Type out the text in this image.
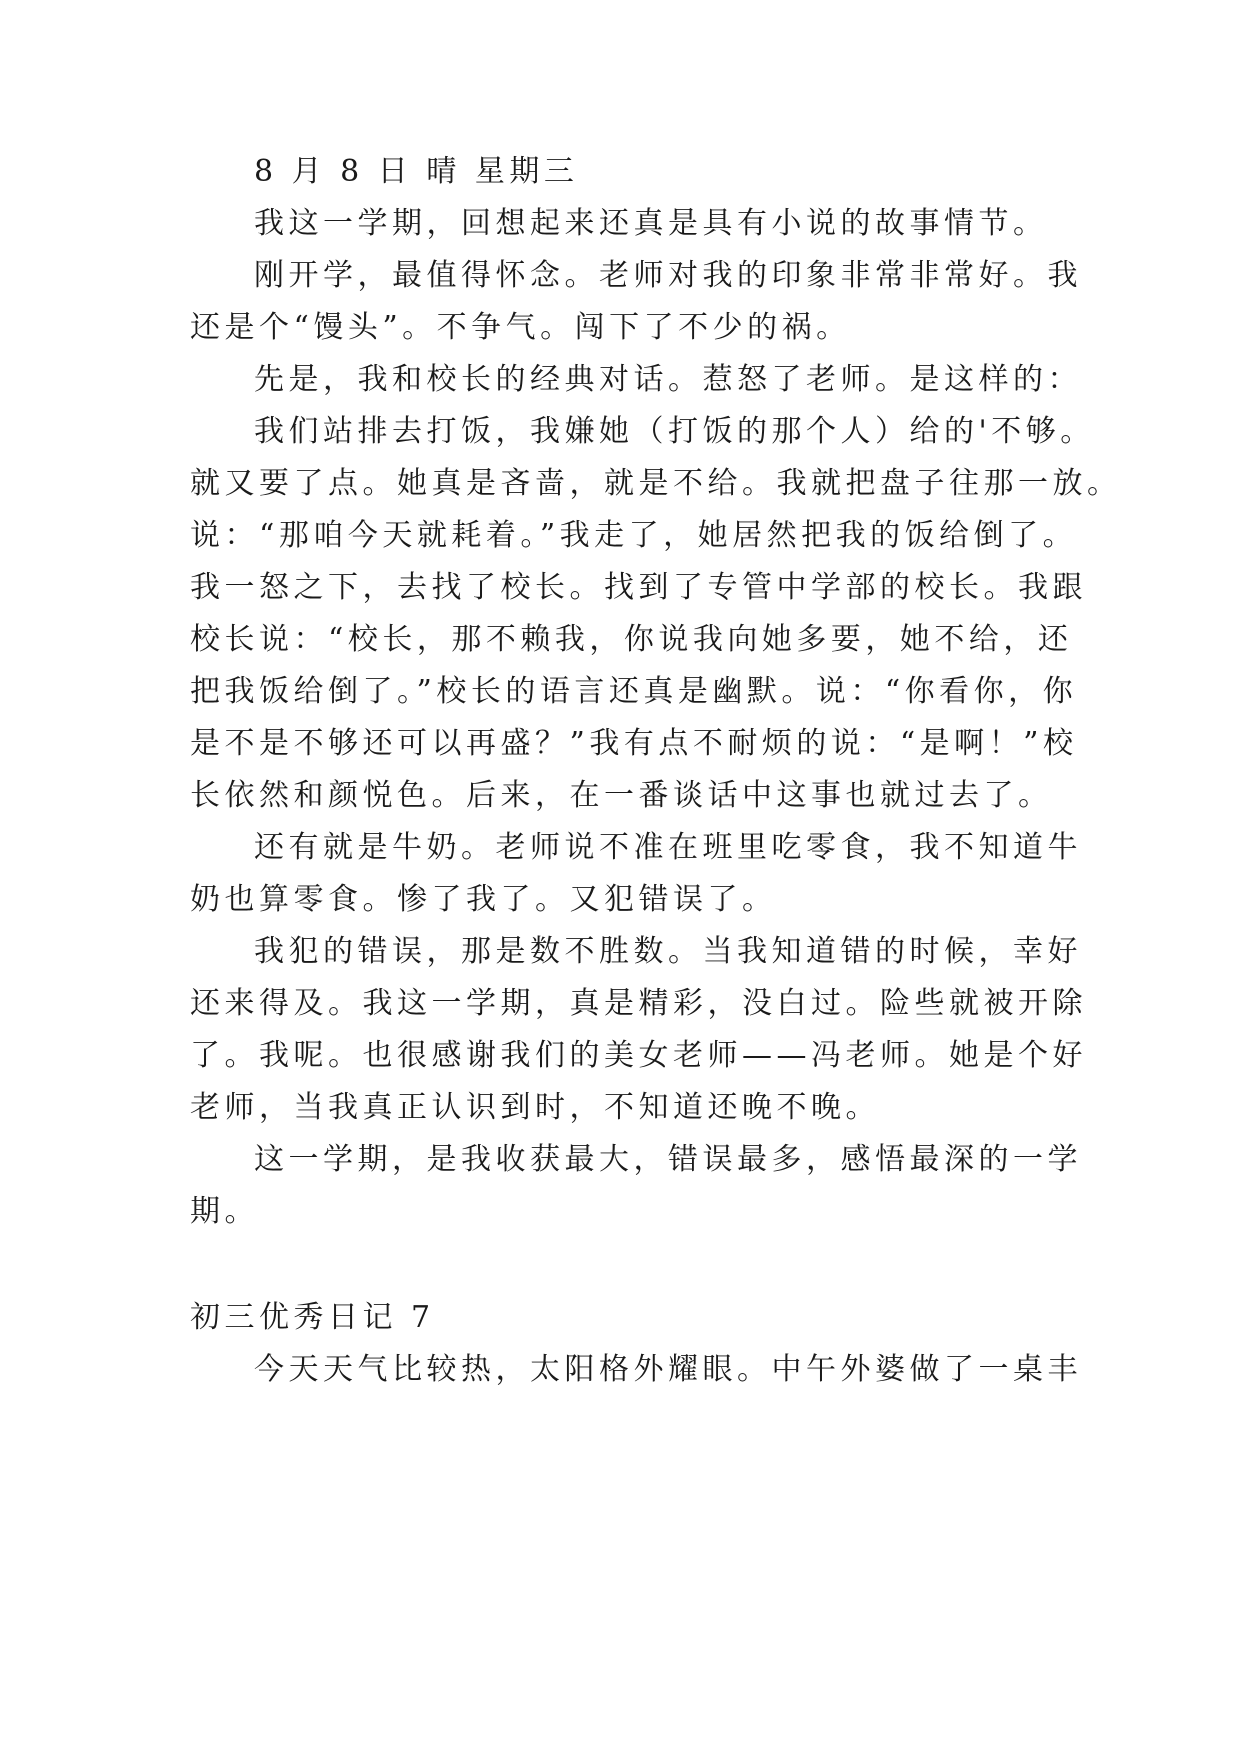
8 月 8 日 晴 星期三
我这一学期，回想起来还真是具有小说的故事情节。
刚开学，最值得怀念。老师对我的印象非常非常好。我
还是个“馒头”。不争气。闯下了不少的祸。
先是，我和校长的经典对话。惹怒了老师。是这样的：
我们站排去打饭，我嫌她（打饭的那个人）给的'不够。
就又要了点。她真是吝啬，就是不给。我就把盘子往那一放。
说：“那咱今天就耗着。”我走了，她居然把我的饭给倒了。
我一怒之下，去找了校长。找到了专管中学部的校长。我跟
校长说：“校长，那不赖我，你说我向她多要，她不给，还
把我饭给倒了。”校长的语言还真是幽默。说：“你看你，你
是不是不够还可以再盛？”我有点不耐烦的说：“是啊！”校
长依然和颜悦色。后来，在一番谈话中这事也就过去了。
还有就是牛奶。老师说不准在班里吃零食，我不知道牛
奶也算零食。惨了我了。又犯错误了。
我犯的错误，那是数不胜数。当我知道错的时候，幸好
还来得及。我这一学期，真是精彩，没白过。险些就被开除
了。我呢。也很感谢我们的美女老师——冯老师。她是个好
老师，当我真正认识到时，不知道还晚不晚。
这一学期，是我收获最大，错误最多，感悟最深的一学
期。
初三优秀日记 7
今天天气比较热，太阳格外耀眼。中午外婆做了一桌丰
